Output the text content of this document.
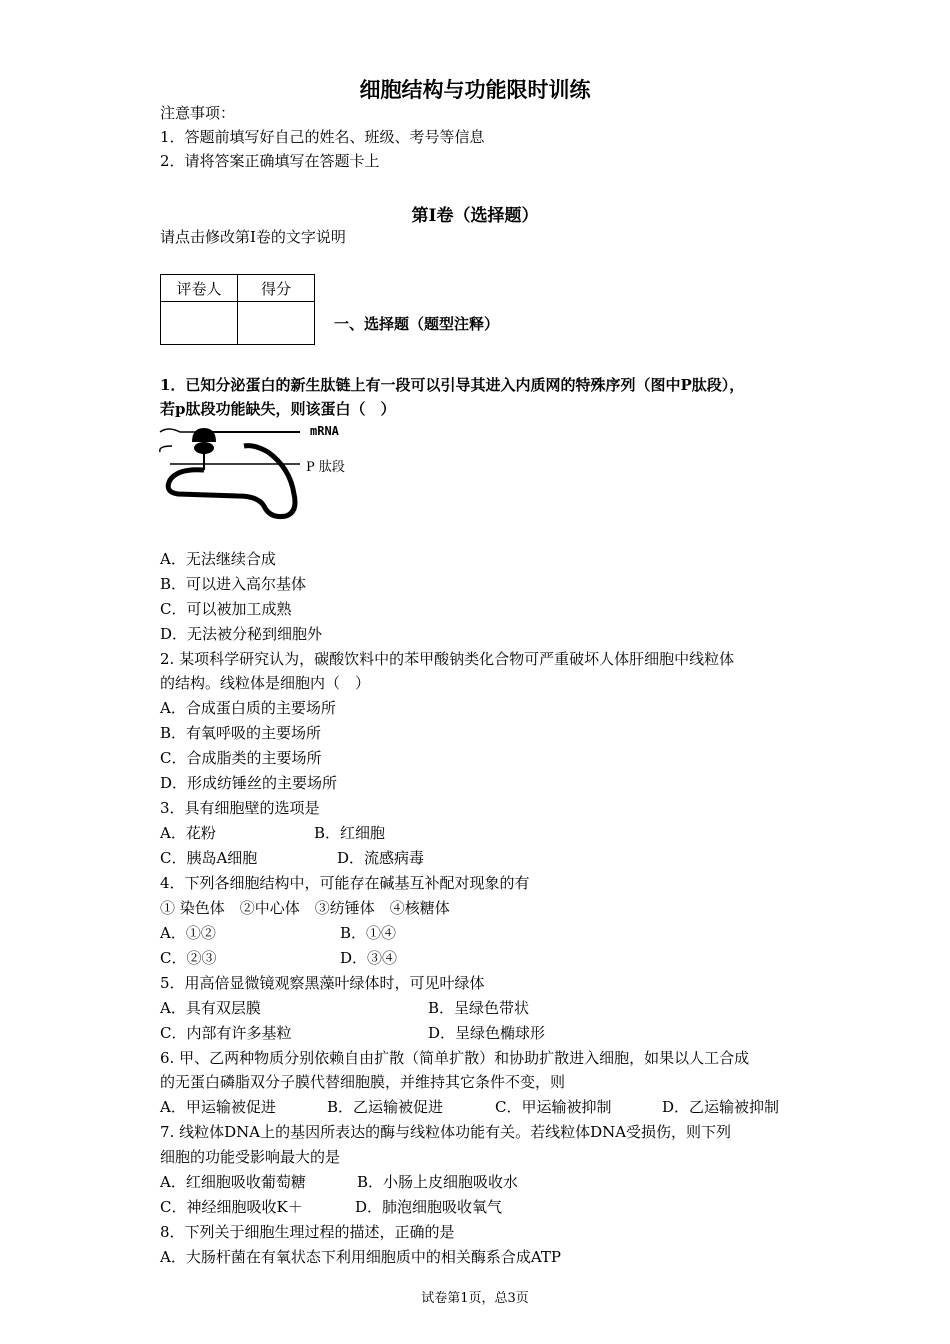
细胞结构与功能限时训练
注意事项：
1．答题前填写好自己的姓名、班级、考号等信息
2．请将答案正确填写在答题卡上
第I卷（选择题）
请点击修改第I卷的文字说明
评卷人	得分

一、选择题（题型注释）
1．已知分泌蛋白的新生肽链上有一段可以引导其进入内质网的特殊序列（图中P肽段），
若p肽段功能缺失，则该蛋白（　）
mRNA
P 肽段
A．无法继续合成
B．可以进入高尔基体
C．可以被加工成熟
D．无法被分秘到细胞外
2. 某项科学研究认为，碳酸饮料中的苯甲酸钠类化合物可严重破坏人体肝细胞中线粒体
的结构。线粒体是细胞内（　）
A．合成蛋白质的主要场所
B．有氧呼吸的主要场所
C．合成脂类的主要场所
D．形成纺锤丝的主要场所
3．具有细胞壁的选项是
A．花粉	B．红细胞
C．胰岛A细胞	D．流感病毒
4．下列各细胞结构中，可能存在碱基互补配对现象的有
① 染色体　②中心体　③纺锤体　④核糖体
A．①②	B．①④
C．②③	D．③④
5．用高倍显微镜观察黑藻叶绿体时，可见叶绿体
A．具有双层膜	B．呈绿色带状
C．内部有许多基粒	D．呈绿色椭球形
6. 甲、乙两种物质分别依赖自由扩散（简单扩散）和协助扩散进入细胞，如果以人工合成
的无蛋白磷脂双分子膜代替细胞膜，并维持其它条件不变，则
A．甲运输被促进	B．乙运输被促进	C．甲运输被抑制	D．乙运输被抑制
7. 线粒体DNA上的基因所表达的酶与线粒体功能有关。若线粒体DNA受损伤，则下列
细胞的功能受影响最大的是
A．红细胞吸收葡萄糖	B．小肠上皮细胞吸收水
C．神经细胞吸收K＋	D．肺泡细胞吸收氧气
8．下列关于细胞生理过程的描述，正确的是
A．大肠杆菌在有氧状态下利用细胞质中的相关酶系合成ATP
试卷第1页，总3页
